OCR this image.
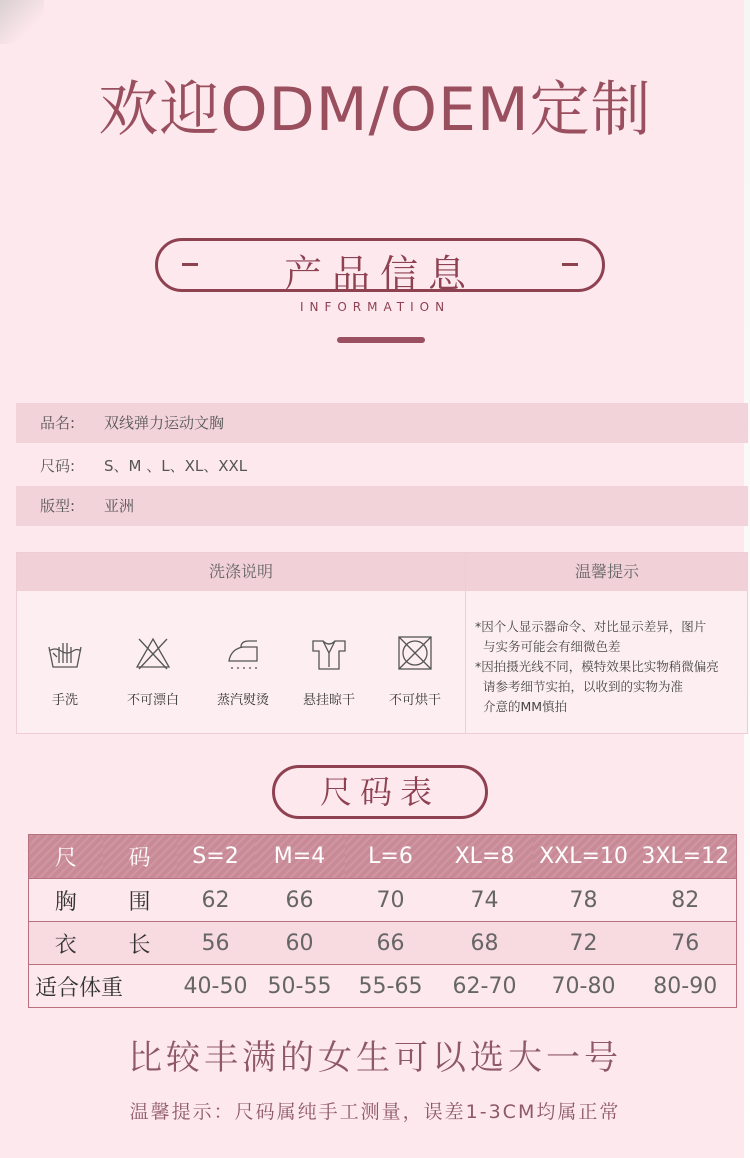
欢迎ODM/OEM定制
产品信息
INFORMATION
品名: 双线弹力运动文胸
尺码: S、M 、L、XL、XXL
版型: 亚洲
洗涤说明	温馨提示
手洗	不可漂白	蒸汽熨烫	悬挂晾干	不可烘干
*因个人显示器命令、对比显示差异，图片
与实务可能会有细微色差
*因拍摄光线不同，模特效果比实物稍微偏亮
请参考细节实拍，以收到的实物为准
介意的MM慎拍
尺码表
尺	码	S=2	M=4	L=6	XL=8	XXL=10	3XL=12
胸	围	62	66	70	74	78	82
衣	长	56	60	66	68	72	76
适合体重		40-50	50-55	55-65	62-70	70-80	80-90
比较丰满的女生可以选大一号
温馨提示：尺码属纯手工测量，误差1-3CM均属正常
